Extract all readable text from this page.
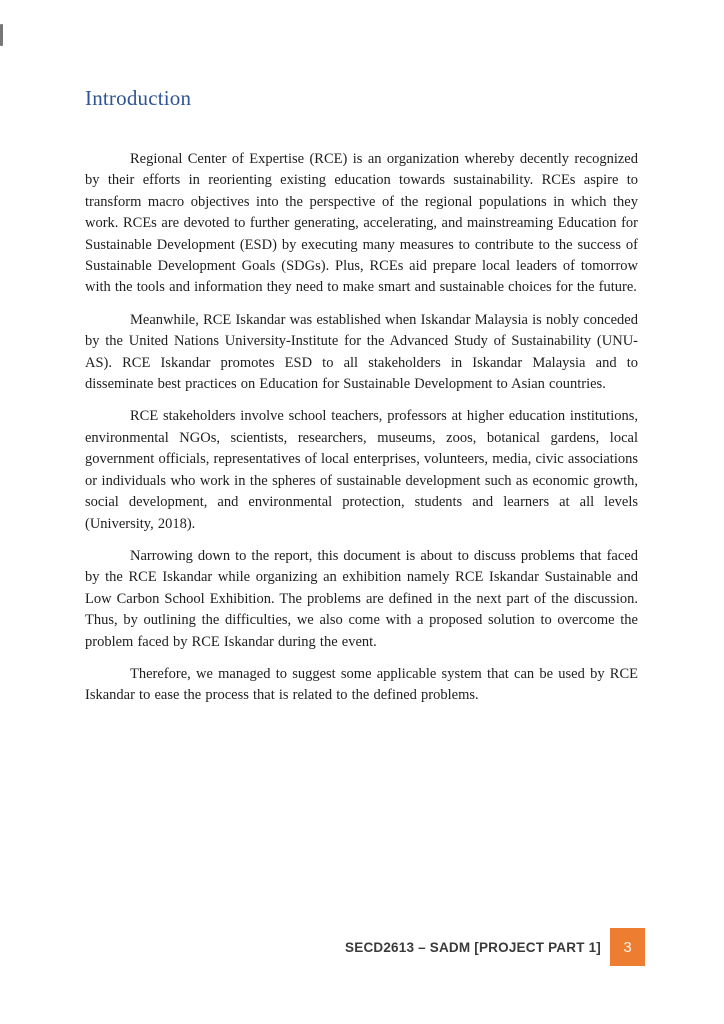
Introduction

Regional Center of Expertise (RCE) is an organization whereby decently recognized by their efforts in reorienting existing education towards sustainability. RCEs aspire to transform macro objectives into the perspective of the regional populations in which they work. RCEs are devoted to further generating, accelerating, and mainstreaming Education for Sustainable Development (ESD) by executing many measures to contribute to the success of Sustainable Development Goals (SDGs). Plus, RCEs aid prepare local leaders of tomorrow with the tools and information they need to make smart and sustainable choices for the future.

Meanwhile, RCE Iskandar was established when Iskandar Malaysia is nobly conceded by the United Nations University-Institute for the Advanced Study of Sustainability (UNU-AS). RCE Iskandar promotes ESD to all stakeholders in Iskandar Malaysia and to disseminate best practices on Education for Sustainable Development to Asian countries.

RCE stakeholders involve school teachers, professors at higher education institutions, environmental NGOs, scientists, researchers, museums, zoos, botanical gardens, local government officials, representatives of local enterprises, volunteers, media, civic associations or individuals who work in the spheres of sustainable development such as economic growth, social development, and environmental protection, students and learners at all levels (University, 2018).

Narrowing down to the report, this document is about to discuss problems that faced by the RCE Iskandar while organizing an exhibition namely RCE Iskandar Sustainable and Low Carbon School Exhibition. The problems are defined in the next part of the discussion. Thus, by outlining the difficulties, we also come with a proposed solution to overcome the problem faced by RCE Iskandar during the event.

Therefore, we managed to suggest some applicable system that can be used by RCE Iskandar to ease the process that is related to the defined problems.

SECD2613 – SADM [PROJECT PART 1]	3
